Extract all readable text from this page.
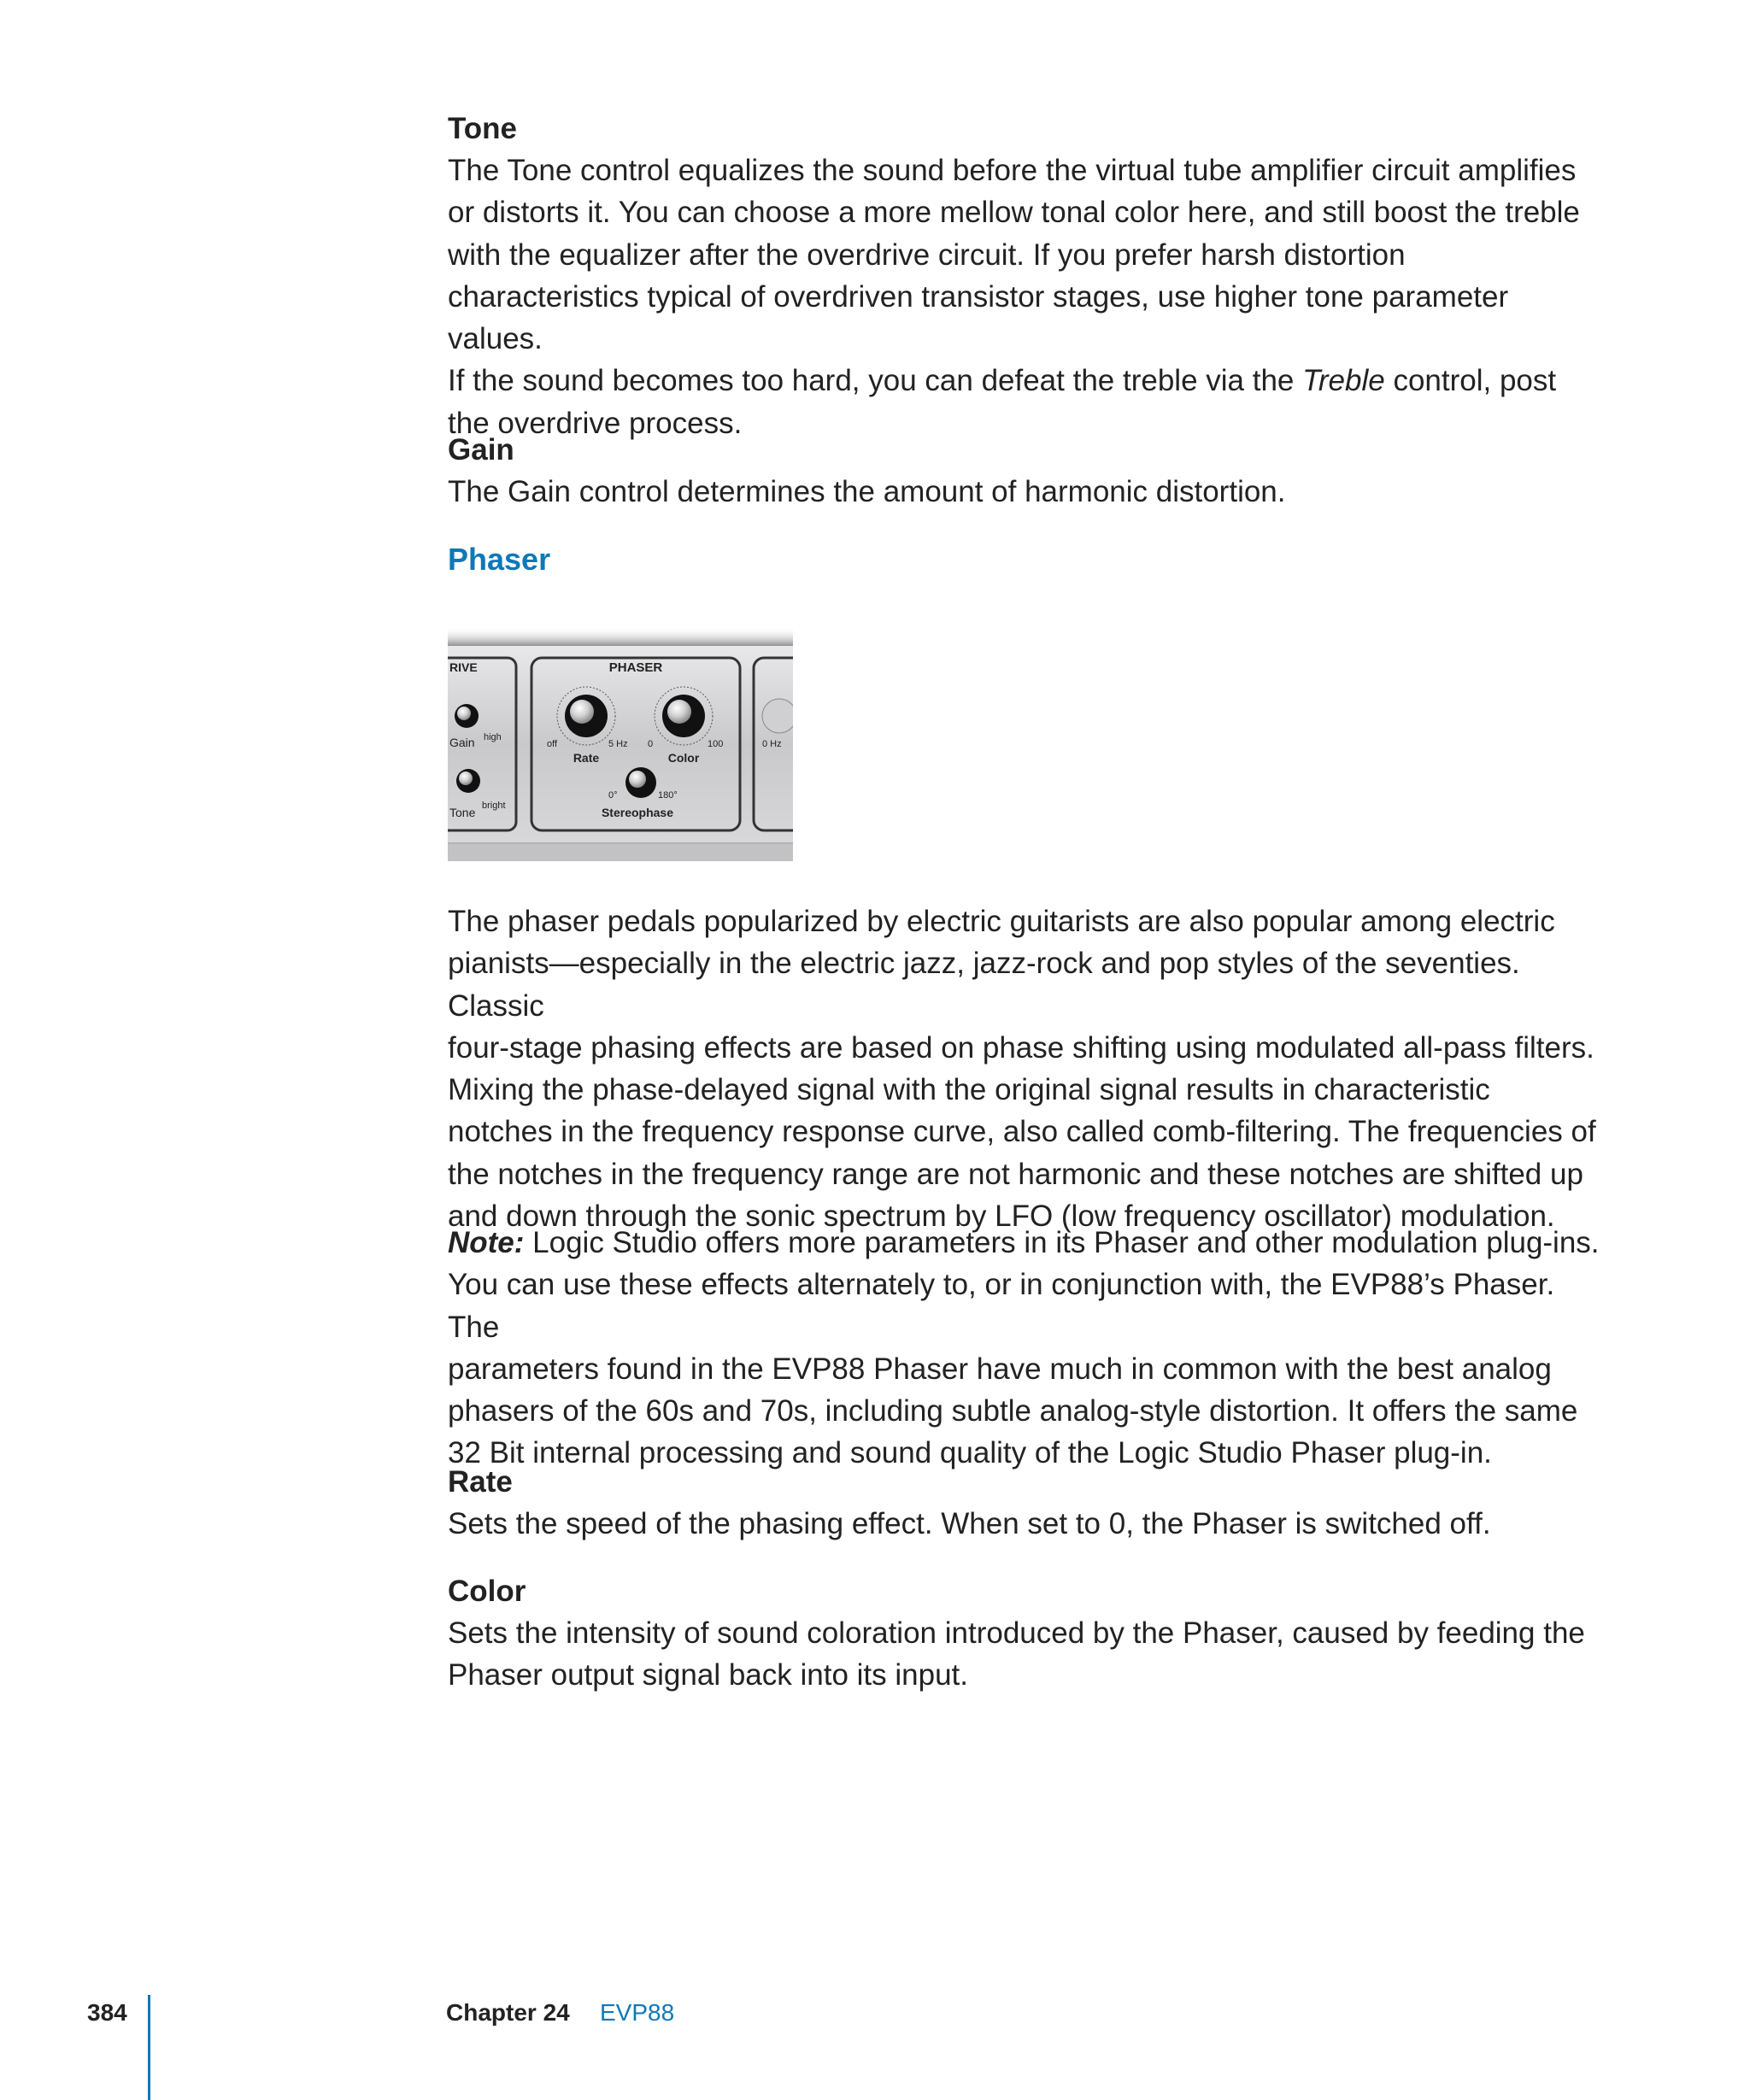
Tone

The Tone control equalizes the sound before the virtual tube amplifier circuit amplifies

or distorts it. You can choose a more mellow tonal color here, and still boost the treble

with the equalizer after the overdrive circuit. If you prefer harsh distortion

characteristics typical of overdriven transistor stages, use higher tone parameter values.

If the sound becomes too hard, you can defeat the treble via the Treble control, post

the overdrive process.

Gain

The Gain control determines the amount of harmonic distortion.

Phaser

RIVE
Gain high
Tone bright
PHASER
off	5 Hz
Rate
0	100
Color
0°	180°
Stereophase
0 Hz

The phaser pedals popularized by electric guitarists are also popular among electric

pianists—especially in the electric jazz, jazz-rock and pop styles of the seventies. Classic

four-stage phasing effects are based on phase shifting using modulated all-pass filters.

Mixing the phase-delayed signal with the original signal results in characteristic

notches in the frequency response curve, also called comb-filtering. The frequencies of

the notches in the frequency range are not harmonic and these notches are shifted up

and down through the sonic spectrum by LFO (low frequency oscillator) modulation.

Note: Logic Studio offers more parameters in its Phaser and other modulation plug-ins.

You can use these effects alternately to, or in conjunction with, the EVP88’s Phaser. The

parameters found in the EVP88 Phaser have much in common with the best analog

phasers of the 60s and 70s, including subtle analog-style distortion. It offers the same

32 Bit internal processing and sound quality of the Logic Studio Phaser plug-in.

Rate

Sets the speed of the phasing effect. When set to 0, the Phaser is switched off.

Color

Sets the intensity of sound coloration introduced by the Phaser, caused by feeding the

Phaser output signal back into its input.

384	Chapter 24 EVP88
